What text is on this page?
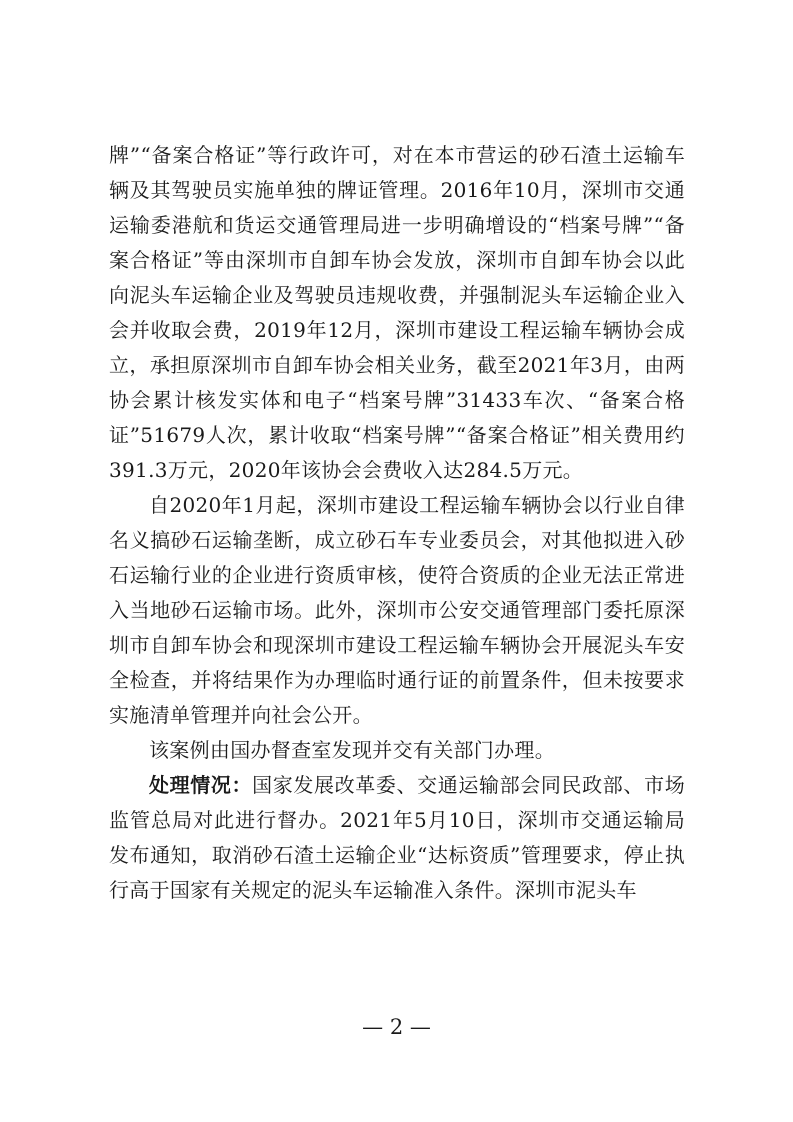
牌”“备案合格证”等行政许可，对在本市营运的砂石渣土运输车辆及其驾驶员实施单独的牌证管理。2016年10月，深圳市交通运输委港航和货运交通管理局进一步明确增设的“档案号牌”“备案合格证”等由深圳市自卸车协会发放，深圳市自卸车协会以此向泥头车运输企业及驾驶员违规收费，并强制泥头车运输企业入会并收取会费，2019年12月，深圳市建设工程运输车辆协会成立，承担原深圳市自卸车协会相关业务，截至2021年3月，由两协会累计核发实体和电子“档案号牌”31433车次、“备案合格证”51679人次，累计收取“档案号牌”“备案合格证”相关费用约391.3万元，2020年该协会会费收入达284.5万元。

自2020年1月起，深圳市建设工程运输车辆协会以行业自律名义搞砂石运输垄断，成立砂石车专业委员会，对其他拟进入砂石运输行业的企业进行资质审核，使符合资质的企业无法正常进入当地砂石运输市场。此外，深圳市公安交通管理部门委托原深圳市自卸车协会和现深圳市建设工程运输车辆协会开展泥头车安全检查，并将结果作为办理临时通行证的前置条件，但未按要求实施清单管理并向社会公开。

该案例由国办督查室发现并交有关部门办理。

处理情况：国家发展改革委、交通运输部会同民政部、市场监管总局对此进行督办。2021年5月10日，深圳市交通运输局发布通知，取消砂石渣土运输企业“达标资质”管理要求，停止执行高于国家有关规定的泥头车运输准入条件。深圳市泥头车

— 2 —
